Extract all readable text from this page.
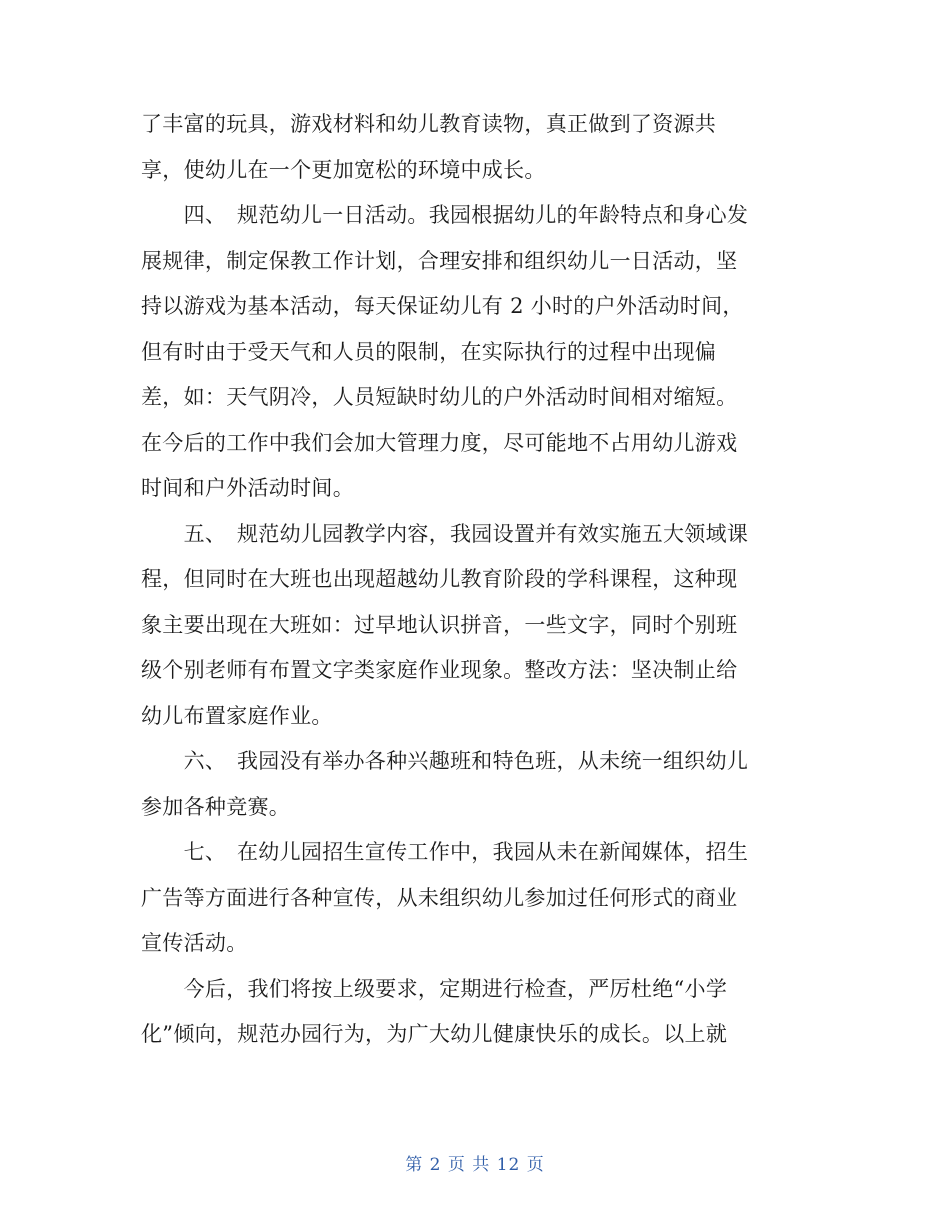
了丰富的玩具，游戏材料和幼儿教育读物，真正做到了资源共
享，使幼儿在一个更加宽松的环境中成长。
　　四、　规范幼儿一日活动。我园根据幼儿的年龄特点和身心发
展规律，制定保教工作计划，合理安排和组织幼儿一日活动，坚
持以游戏为基本活动，每天保证幼儿有 2 小时的户外活动时间，
但有时由于受天气和人员的限制，在实际执行的过程中出现偏
差，如：天气阴冷，人员短缺时幼儿的户外活动时间相对缩短。
在今后的工作中我们会加大管理力度，尽可能地不占用幼儿游戏
时间和户外活动时间。
　　五、　规范幼儿园教学内容，我园设置并有效实施五大领域课
程，但同时在大班也出现超越幼儿教育阶段的学科课程，这种现
象主要出现在大班如：过早地认识拼音，一些文字，同时个别班
级个别老师有布置文字类家庭作业现象。整改方法：坚决制止给
幼儿布置家庭作业。
　　六、　我园没有举办各种兴趣班和特色班，从未统一组织幼儿
参加各种竞赛。
　　七、　在幼儿园招生宣传工作中，我园从未在新闻媒体，招生
广告等方面进行各种宣传，从未组织幼儿参加过任何形式的商业
宣传活动。
　　今后，我们将按上级要求，定期进行检查，严厉杜绝“小学
化”倾向，规范办园行为，为广大幼儿健康快乐的成长。以上就
第 2 页 共 12 页
